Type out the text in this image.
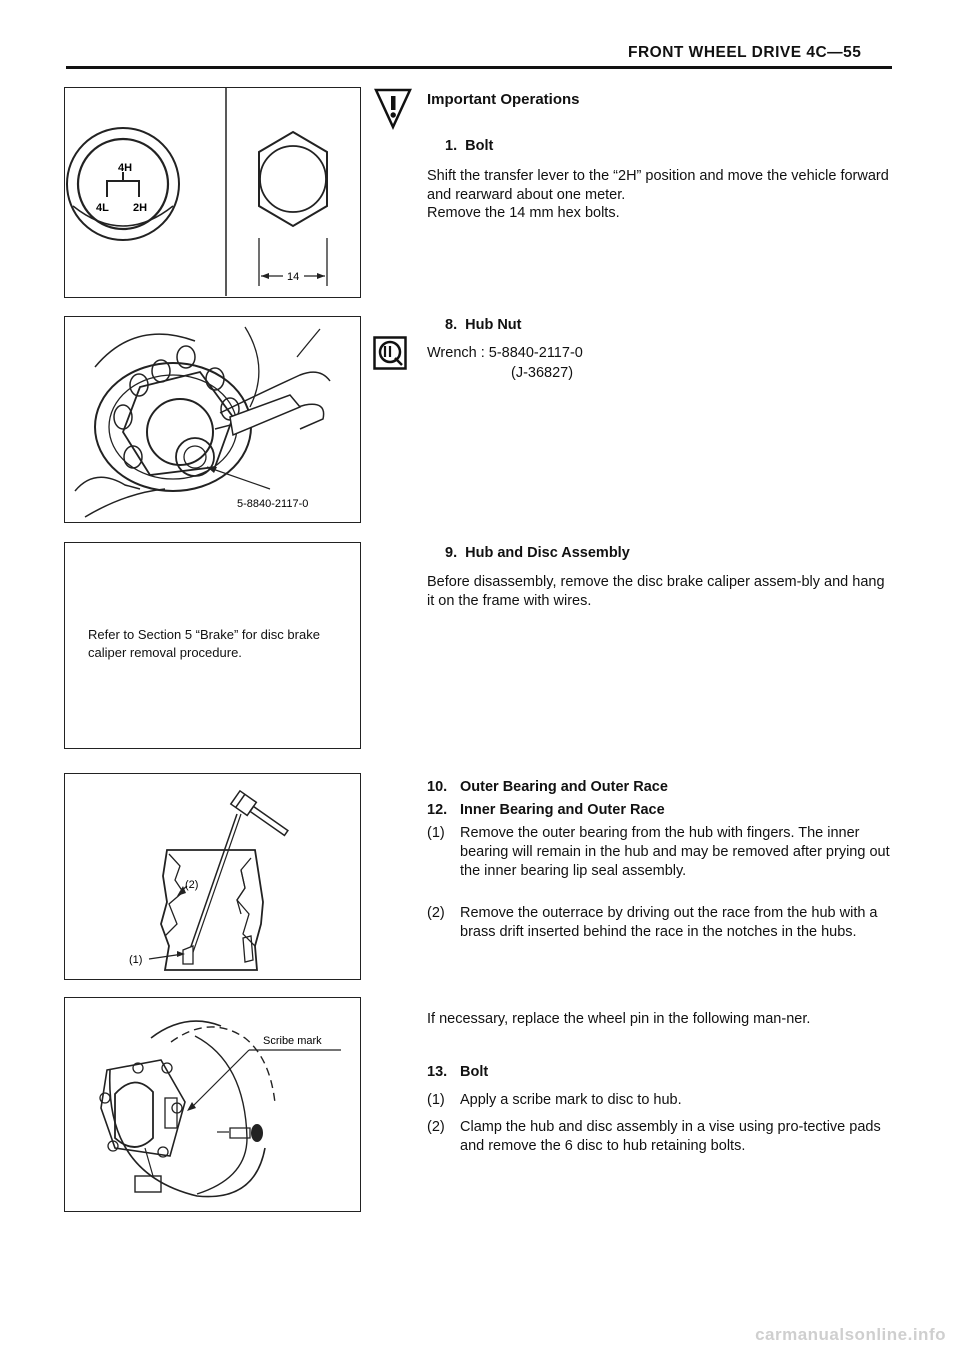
FRONT WHEEL DRIVE 4C—55
4H
4L 2H
14
5-8840-2117-0
Refer to Section 5 “Brake” for disc brake caliper removal procedure.
(2)
(1)
Scribe mark
Important Operations
1. Bolt
Shift the transfer lever to the “2H” position and move the vehicle forward and rearward about one meter.
Remove the 14 mm hex bolts.
8. Hub Nut
Wrench : 5-8840-2117-0
(J-36827)
9. Hub and Disc Assembly
Before disassembly, remove the disc brake caliper assem-bly and hang it on the frame with wires.
10. Outer Bearing and Outer Race
12. Inner Bearing and Outer Race
(1) Remove the outer bearing from the hub with fingers. The inner bearing will remain in the hub and may be removed after prying out the inner bearing lip seal assembly.
(2) Remove the outerrace by driving out the race from the hub with a brass drift inserted behind the race in the notches in the hubs.
If necessary, replace the wheel pin in the following man-ner.
13. Bolt
(1) Apply a scribe mark to disc to hub.
(2) Clamp the hub and disc assembly in a vise using pro-tective pads and remove the 6 disc to hub retaining bolts.
carmanualsonline.info
